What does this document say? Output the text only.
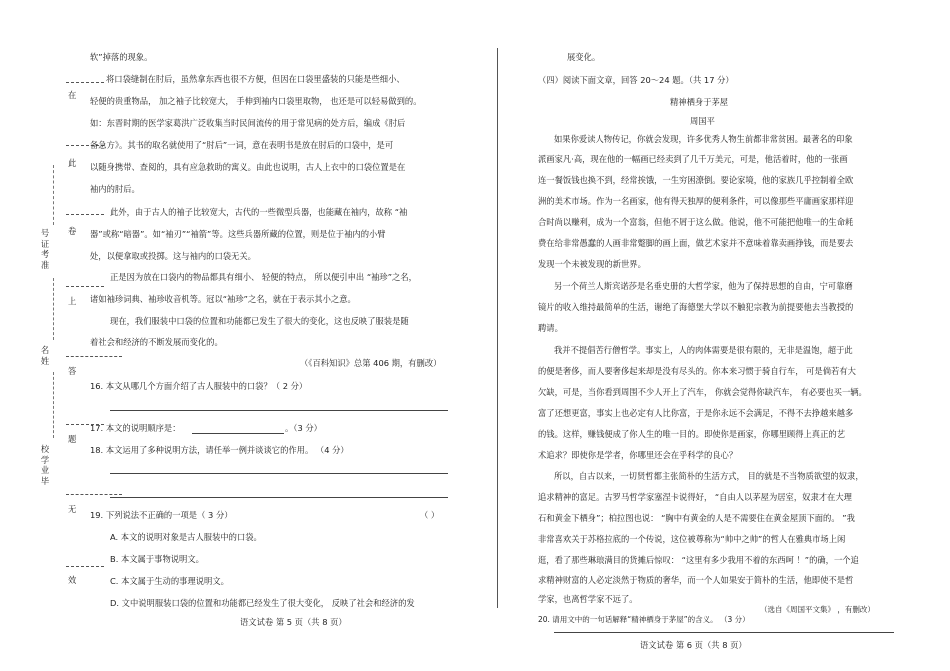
在
此
卷
上
答
题
无
效
号
证
考
准
名
姓
校
学
业
毕
软”掉落的现象。
将口袋缝制在肘后，虽然拿东西也很不方便，但因在口袋里盛装的只能是些细小、
轻便的贵重物品， 加之袖子比较宽大， 手伸到袖内口袋里取物， 也还是可以轻易做到的。
如：东晋时期的医学家葛洪广泛收集当时民间流传的用于常见病的处方后，编成《肘后
备急方》。其书的取名就使用了“肘后”一词，意在表明书是放在肘后的口袋中，是可
以随身携带、查阅的，具有应急救助的寓义。由此也说明，古人上衣中的口袋位置是在
袖内的肘后。
此外，由于古人的袖子比较宽大，古代的一些微型兵器，也能藏在袖内，故称 “袖
器”或称“暗器”。如“袖刃”“袖箭”等。这些兵器所藏的位置，则是位于袖内的小臂
处，以便拿取或投掷。这与袖内的口袋无关。
正是因为放在口袋内的物品都具有细小、 轻便的特点， 所以便引申出 “袖珍”之名，
诸如袖珍词典、袖珍收音机等。冠以“袖珍”之名，就在于表示其小之意。
现在，我们服装中口袋的位置和功能都已发生了很大的变化，这也反映了服装是随
着社会和经济的不断发展而变化的。
（《百科知识》总第 406 期，有删改）
16. 本文从哪几个方面介绍了古人服装中的口袋？（ 2 分）
17. 本文的说明顺序是：	。（3 分）
18. 本文运用了多种说明方法，请任举一例并谈谈它的作用。 （4 分）
19. 下列说法不正确的一项是（ 3 分）	（ ）
A. 本文的说明对象是古人服装中的口袋。
B. 本文属于事物说明文。
C. 本文属于生动的事理说明文。
D. 文中说明服装口袋的位置和功能都已经发生了很大变化， 反映了社会和经济的发
语文试卷 第 5 页（共 8 页）
展变化。
（四）阅读下面文章，回答 20～24 题。（共 17 分）
精神栖身于茅屋
周国平
如果你爱读人物传记，你就会发现，许多优秀人物生前都非常贫困。最著名的印象
派画家凡·高，现在他的一幅画已经卖到了几千万美元，可是，他活着时，他的一张画
连一餐饭钱也换不到，经常挨饿，一生穷困潦倒。要论家境，他的家族几乎控制着全欧
洲的美术市场。作为一名画家，他有得天独厚的便利条件，可以像那些平庸画家那样迎
合时尚以赚利，成为一个富翁，但他不屑于这么做。他说，他不可能把他唯一的生命耗
费在给非常愚蠢的人画非常蹩脚的画上面，做艺术家并不意味着靠卖画挣钱，而是要去
发现一个未被发现的新世界。
另一个荷兰人斯宾诺莎是名垂史册的大哲学家，他为了保持思想的自由，宁可靠磨
镜片的收入维持最简单的生活，谢绝了海德堡大学以不触犯宗教为前提要他去当教授的
聘请。
我并不提倡苦行僧哲学。事实上，人的肉体需要是很有限的，无非是温饱，超于此
的便是奢侈，而人要奢侈起来却是没有尽头的。你本来习惯于骑自行车， 可是倘若有大
欠缺，可是，当你看到周围不少人开上了汽车， 你就会觉得你缺汽车， 有必要也买一辆。
富了还想更富，事实上也必定有人比你富，于是你永远不会满足，不得不去挣越来越多
的钱。这样，赚钱便成了你人生的唯一目的。即使你是画家，你哪里顾得上真正的艺
术追求？即使你是学者，你哪里还会在乎科学的良心？
所以，自古以来，一切贤哲都主张简朴的生活方式， 目的就是不当物质欲望的奴隶，
追求精神的富足。古罗马哲学家塞涅卡说得好， “自由人以茅屋为居室，奴隶才在大理
石和黄金下栖身”；柏拉图也说： “胸中有黄金的人是不需要住在黄金屋顶下面的。 ”我
非常喜欢关于苏格拉底的一个传说，这位被尊称为“帅中之帅”的哲人在雅典市场上闲
逛，看了那些琳琅满目的货摊后惊叹： “这里有多少我用不着的东西呵 ！”的确，一个追
求精神财富的人必定淡然于物质的奢华，而一个人如果安于简朴的生活，他即使不是哲
学家，也离哲学家不远了。
（选自《周国平文集》 ，有删改）
20. 请用文中的一句话解释“精神栖身于茅屋”的含义。 （3 分）
语文试卷 第 6 页（共 8 页）
